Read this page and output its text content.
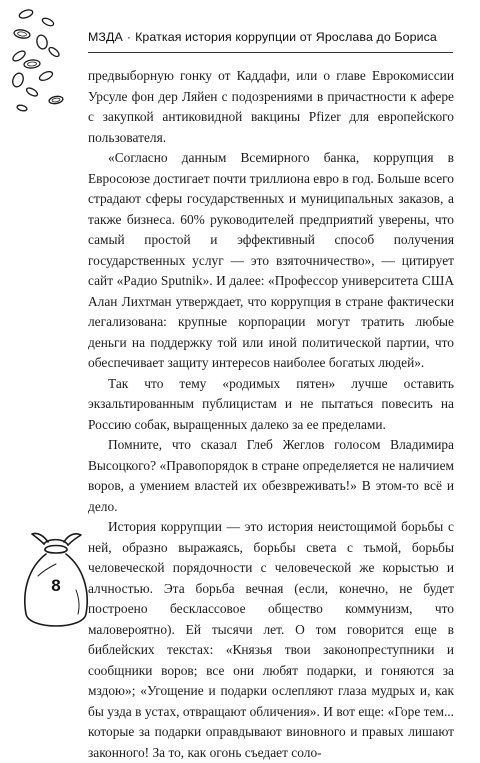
МЗДА · Краткая история коррупции от Ярослава до Бориса

предвыборную гонку от Каддафи, или о главе Еврокомиссии Урсуле фон дер Ляйен с подозрениями в причастности к афере с закупкой антиковидной вакцины Pfizer для европейского пользователя.

«Согласно данным Всемирного банка, коррупция в Евросоюзе достигает почти триллиона евро в год. Больше всего страдают сферы государственных и муниципальных заказов, а также бизнеса. 60% руководителей предприятий уверены, что самый простой и эффективный способ получения государственных услуг — это взяточничество», — цитирует сайт «Радио Sputnik». И далее: «Профессор университета США Алан Лихтман утверждает, что коррупция в стране фактически легализована: крупные корпорации могут тратить любые деньги на поддержку той или иной политической партии, что обеспечивает защиту интересов наиболее богатых людей».

Так что тему «родимых пятен» лучше оставить экзальтированным публицистам и не пытаться повесить на Россию собак, выращенных далеко за ее пределами.

Помните, что сказал Глеб Жеглов голосом Владимира Высоцкого? «Правопорядок в стране определяется не наличием воров, а умением властей их обезвреживать!» В этом-то всё и дело.

История коррупции — это история неистощимой борьбы с ней, образно выражаясь, борьбы света с тьмой, борьбы человеческой порядочности с человеческой же корыстью и алчностью. Эта борьба вечная (если, конечно, не будет построено бесклассовое общество коммунизм, что маловероятно). Ей тысячи лет. О том говорится еще в библейских текстах: «Князья твои законопреступники и сообщники воров; все они любят подарки, и гоняются за мздою»; «Угощение и подарки ослепляют глаза мудрых и, как бы узда в устах, отвращают обличения». И вот еще: «Горе тем... которые за подарки оправдывают виновного и правых лишают законного! За то, как огонь съедает соло-

8
